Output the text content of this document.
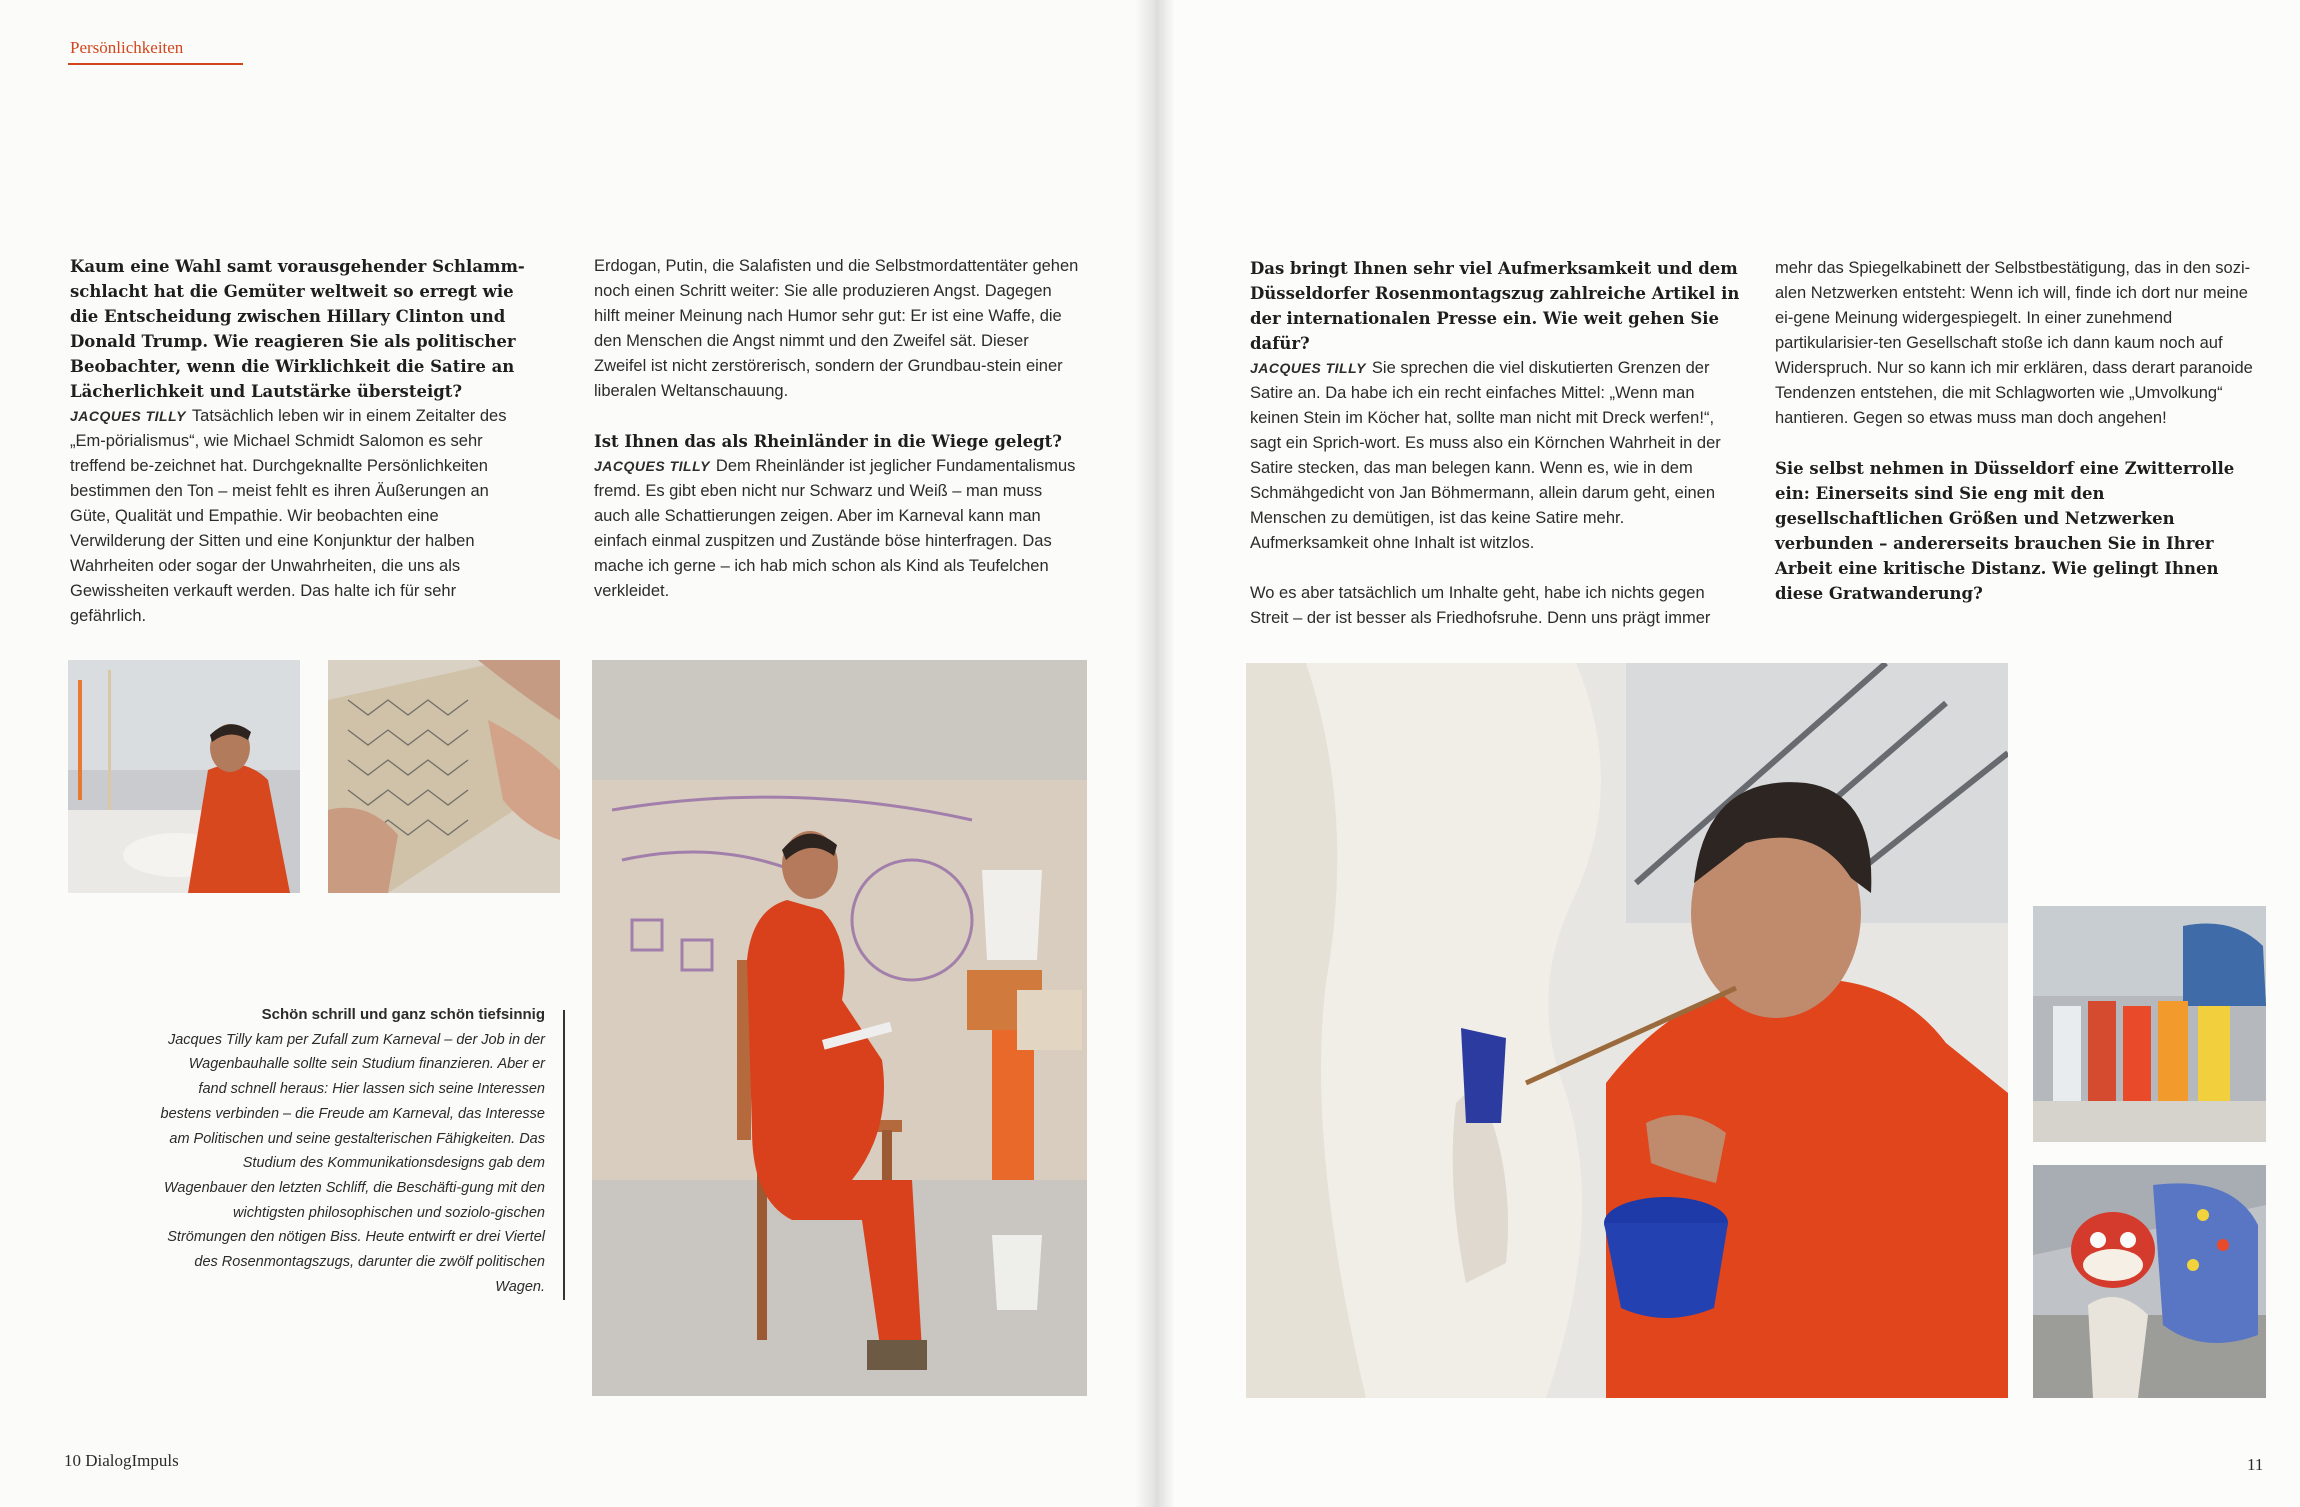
Persönlichkeiten

Kaum eine Wahl samt vorausgehender Schlamm-schlacht hat die Gemüter weltweit so erregt wie die Entscheidung zwischen Hillary Clinton und Donald Trump. Wie reagieren Sie als politischer Beobachter, wenn die Wirklichkeit die Satire an Lächerlichkeit und Lautstärke übersteigt?

JACQUES TILLY Tatsächlich leben wir in einem Zeitalter des „Em-pörialismus“, wie Michael Schmidt Salomon es sehr treffend be-zeichnet hat. Durchgeknallte Persönlichkeiten bestimmen den Ton – meist fehlt es ihren Äußerungen an Güte, Qualität und Empathie. Wir beobachten eine Verwilderung der Sitten und eine Konjunktur der halben Wahrheiten oder sogar der Unwahrheiten, die uns als Gewissheiten verkauft werden. Das halte ich für sehr gefährlich.

Erdogan, Putin, die Salafisten und die Selbstmordattentäter gehen noch einen Schritt weiter: Sie alle produzieren Angst. Dagegen hilft meiner Meinung nach Humor sehr gut: Er ist eine Waffe, die den Menschen die Angst nimmt und den Zweifel sät. Dieser Zweifel ist nicht zerstörerisch, sondern der Grundbau-stein einer liberalen Weltanschauung.

Ist Ihnen das als Rheinländer in die Wiege gelegt?

JACQUES TILLY Dem Rheinländer ist jeglicher Fundamentalismus fremd. Es gibt eben nicht nur Schwarz und Weiß – man muss auch alle Schattierungen zeigen. Aber im Karneval kann man einfach einmal zuspitzen und Zustände böse hinterfragen. Das mache ich gerne – ich hab mich schon als Kind als Teufelchen verkleidet.

Schön schrill und ganz schön tiefsinnig
Jacques Tilly kam per Zufall zum Karneval – der Job in der Wagenbauhalle sollte sein Studium finanzieren. Aber er fand schnell heraus: Hier lassen sich seine Interessen bestens verbinden – die Freude am Karneval, das Interesse am Politischen und seine gestalterischen Fähigkeiten. Das Studium des Kommunikationsdesigns gab dem Wagenbauer den letzten Schliff, die Beschäfti-gung mit den wichtigsten philosophischen und soziolo-gischen Strömungen den nötigen Biss. Heute entwirft er drei Viertel des Rosenmontagszugs, darunter die zwölf politischen Wagen.
10 DialogImpuls

Das bringt Ihnen sehr viel Aufmerksamkeit und dem Düsseldorfer Rosenmontagszug zahlreiche Artikel in der internationalen Presse ein. Wie weit gehen Sie dafür?

JACQUES TILLY Sie sprechen die viel diskutierten Grenzen der Satire an. Da habe ich ein recht einfaches Mittel: „Wenn man keinen Stein im Köcher hat, sollte man nicht mit Dreck werfen!“, sagt ein Sprich-wort. Es muss also ein Körnchen Wahrheit in der Satire stecken, das man belegen kann. Wenn es, wie in dem Schmähgedicht von Jan Böhmermann, allein darum geht, einen Menschen zu demütigen, ist das keine Satire mehr. Aufmerksamkeit ohne Inhalt ist witzlos.

Wo es aber tatsächlich um Inhalte geht, habe ich nichts gegen Streit – der ist besser als Friedhofsruhe. Denn uns prägt immer

mehr das Spiegelkabinett der Selbstbestätigung, das in den sozi-alen Netzwerken entsteht: Wenn ich will, finde ich dort nur meine ei-gene Meinung widergespiegelt. In einer zunehmend partikularisier-ten Gesellschaft stoße ich dann kaum noch auf Widerspruch. Nur so kann ich mir erklären, dass derart paranoide Tendenzen entstehen, die mit Schlagworten wie „Umvolkung“ hantieren. Gegen so etwas muss man doch angehen!

Sie selbst nehmen in Düsseldorf eine Zwitterrolle ein: Einerseits sind Sie eng mit den gesellschaftlichen Größen und Netzwerken verbunden – andererseits brauchen Sie in Ihrer Arbeit eine kritische Distanz. Wie gelingt Ihnen diese Gratwanderung?

11
